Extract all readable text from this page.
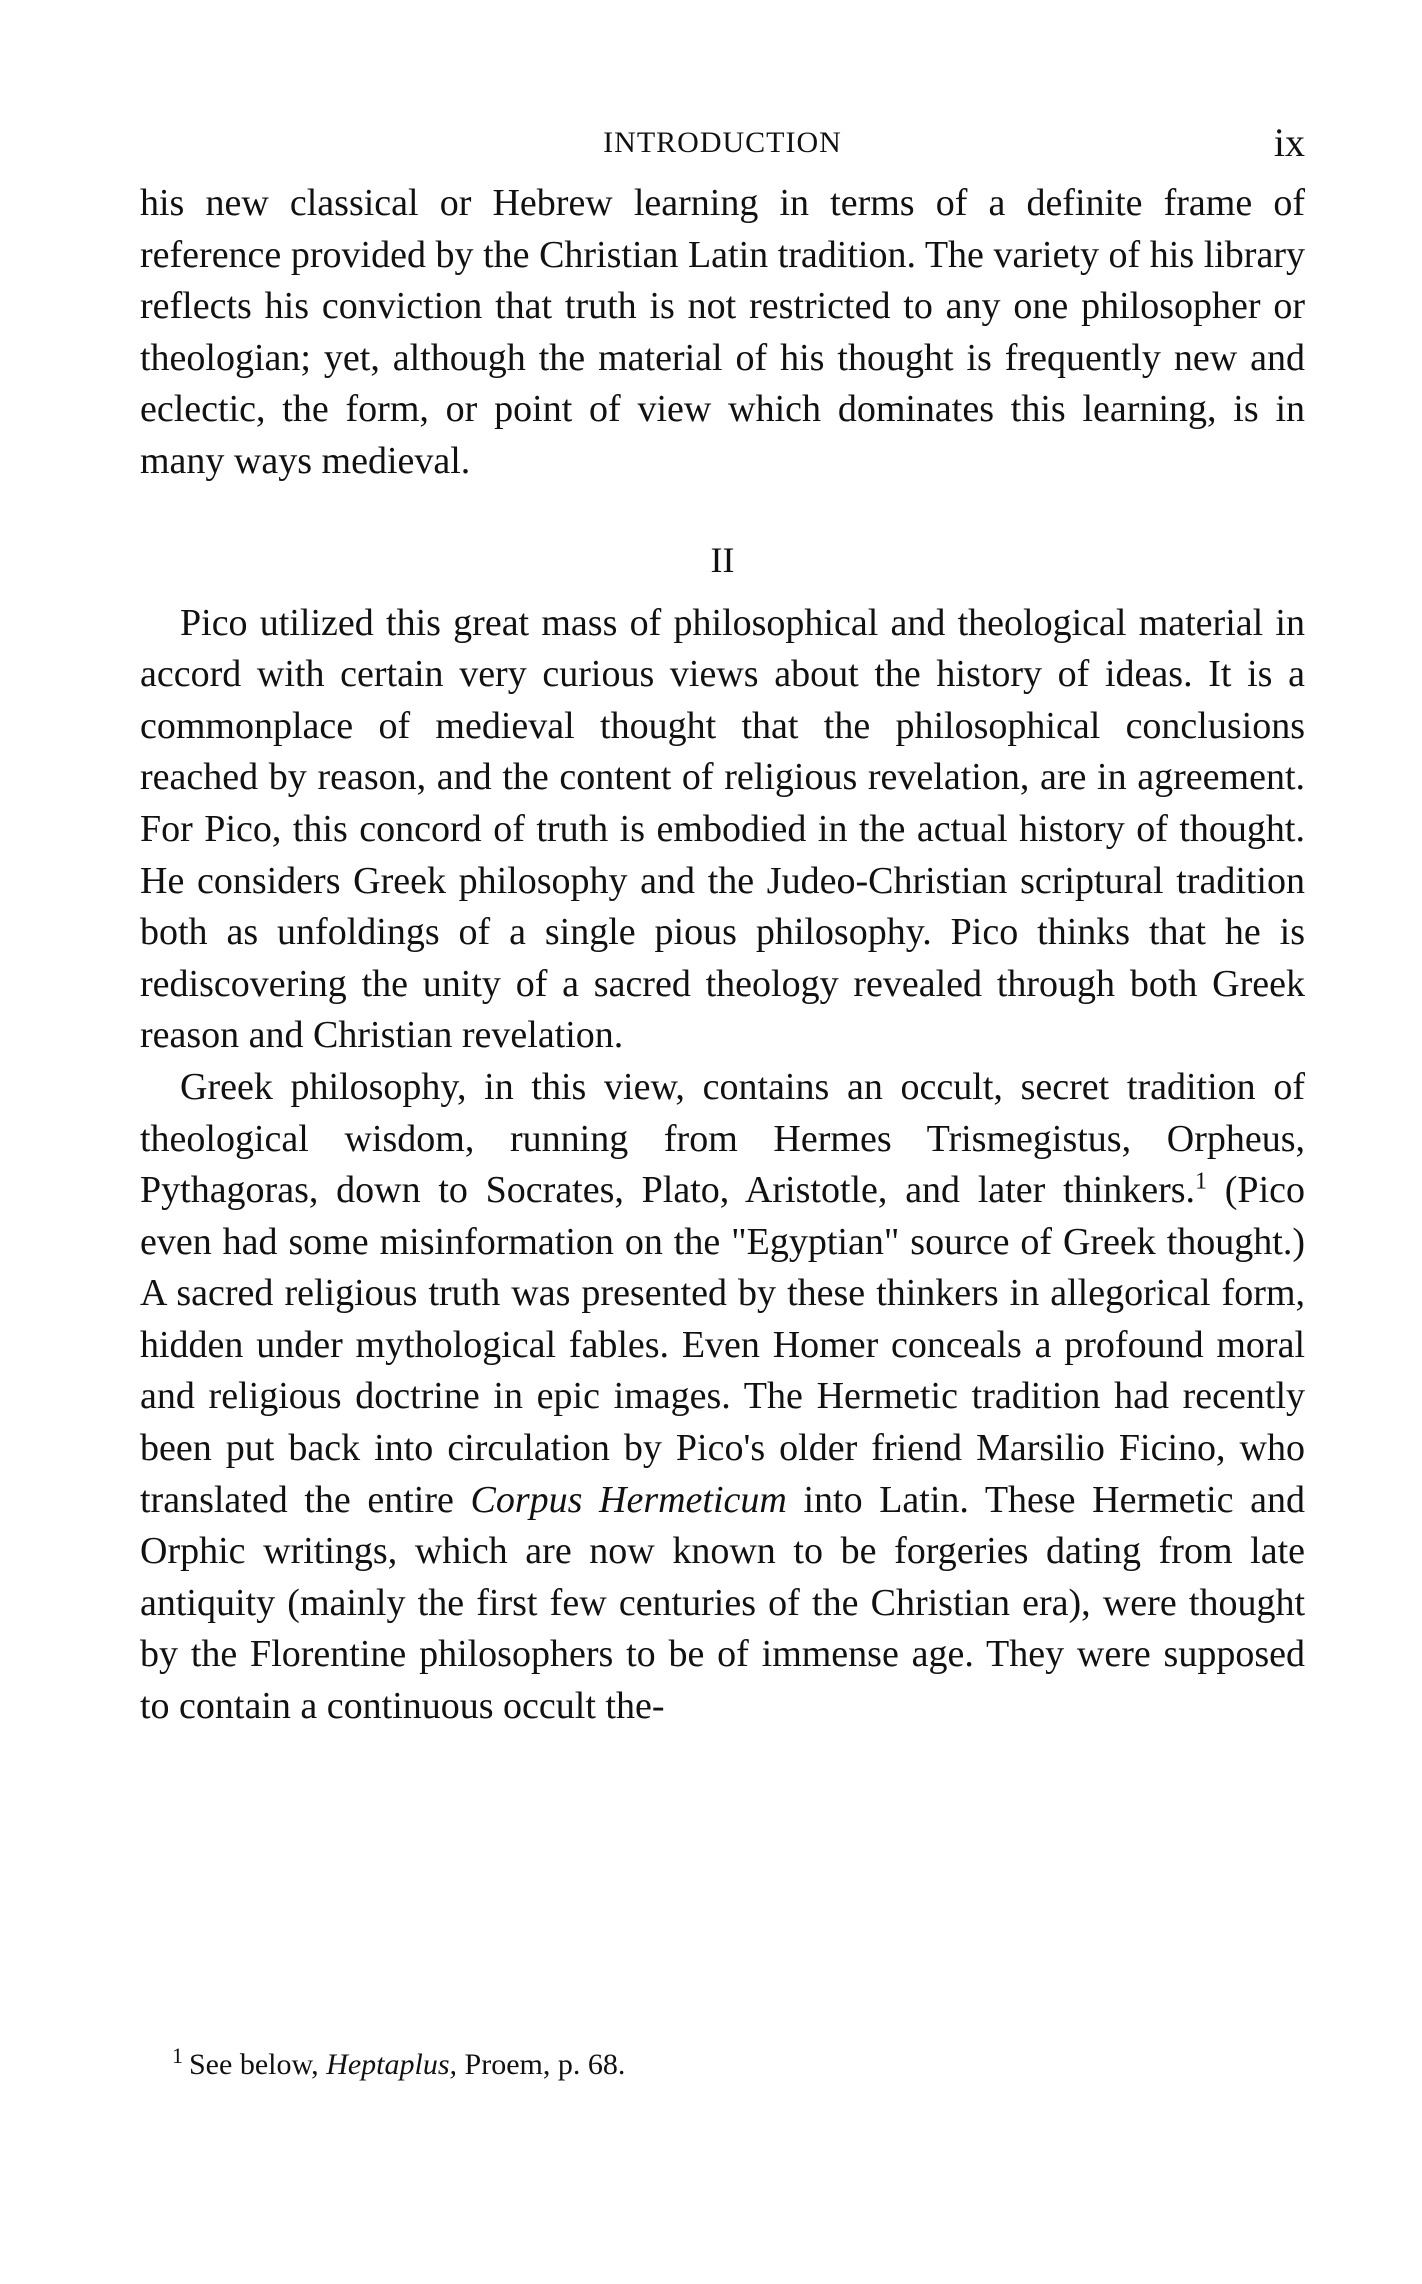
INTRODUCTION	ix

his new classical or Hebrew learning in terms of a definite frame of reference provided by the Christian Latin tradition. The variety of his library reflects his conviction that truth is not restricted to any one philosopher or theologian; yet, although the material of his thought is frequently new and eclectic, the form, or point of view which dominates this learning, is in many ways medieval.

II

Pico utilized this great mass of philosophical and theological material in accord with certain very curious views about the history of ideas. It is a commonplace of medieval thought that the philosophical conclusions reached by reason, and the content of religious revelation, are in agreement. For Pico, this concord of truth is embodied in the actual history of thought. He considers Greek philosophy and the Judeo-Christian scriptural tradition both as unfoldings of a single pious philosophy. Pico thinks that he is rediscovering the unity of a sacred theology revealed through both Greek reason and Christian revelation.

Greek philosophy, in this view, contains an occult, secret tradition of theological wisdom, running from Hermes Trismegistus, Orpheus, Pythagoras, down to Socrates, Plato, Aristotle, and later thinkers.$^1$ (Pico even had some misinformation on the "Egyptian" source of Greek thought.) A sacred religious truth was presented by these thinkers in allegorical form, hidden under mythological fables. Even Homer conceals a profound moral and religious doctrine in epic images. The Hermetic tradition had recently been put back into circulation by Pico's older friend Marsilio Ficino, who translated the entire Corpus Hermeticum into Latin. These Hermetic and Orphic writings, which are now known to be forgeries dating from late antiquity (mainly the first few centuries of the Christian era), were thought by the Florentine philosophers to be of immense age. They were supposed to contain a continuous occult the-

$^1$ See below, Heptaplus, Proem, p. 68.
